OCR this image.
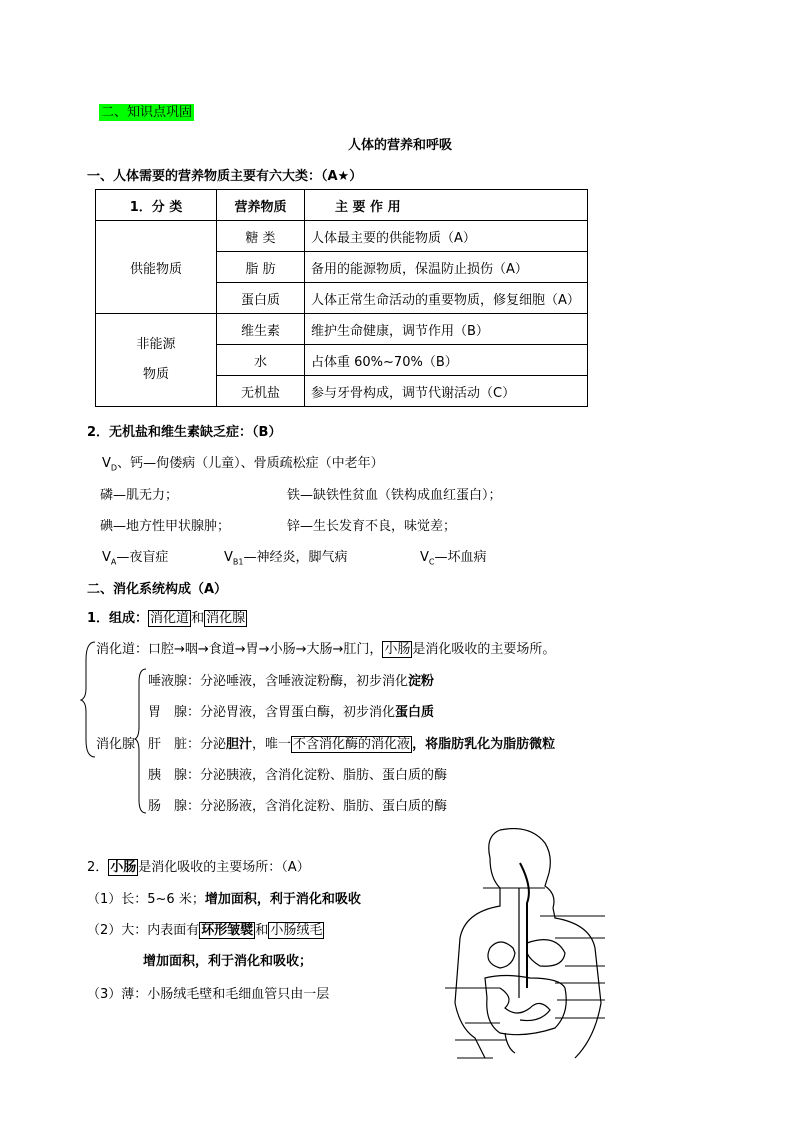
二、知识点巩固
人体的营养和呼吸
一、人体需要的营养物质主要有六大类：（A★）
1．分 类	营养物质	主 要 作 用
供能物质	糖 类	人体最主要的供能物质（A）
	脂 肪	备用的能源物质，保温防止损伤（A）
	蛋白质	人体正常生命活动的重要物质，修复细胞（A）

非能源
物质	维生素	维护生命健康，调节作用（B）
	水	占体重 60%~70%（B）
	无机盐	参与牙骨构成，调节代谢活动（C）
2．无机盐和维生素缺乏症：（B）
$V_D$、钙—佝偻病（儿童）、骨质疏松症（中老年）
磷—肌无力；	铁—缺铁性贫血（铁构成血红蛋白）；
碘—地方性甲状腺肿；	锌—生长发育不良，味觉差；
$V_A—$夜盲症	$V_{B1}—$神经炎，脚气病	$V_C—$坏血病
二、消化系统构成（A）
1．组成： 消化道 和 消化腺
消化道：口腔→咽→食道→胃→小肠→大肠→肛门， 小肠 是消化吸收的主要场所。
消化腺
唾液腺：分泌唾液，含唾液淀粉酶，初步消化淀粉
胃　腺：分泌胃液，含胃蛋白酶，初步消化蛋白质
肝　脏：分泌胆汁，唯一 不含消化酶的消化液 ，将脂肪乳化为脂肪微粒
胰　腺：分泌胰液，含消化淀粉、脂肪、蛋白质的酶
肠　腺：分泌肠液，含消化淀粉、脂肪、蛋白质的酶
2． 小肠 是消化吸收的主要场所：（A）
（1）长：5~6 米；增加面积，利于消化和吸收
（2）大：内表面有 环形皱襞 和 小肠绒毛
增加面积，利于消化和吸收；
（3）薄：小肠绒毛壁和毛细血管只由一层
